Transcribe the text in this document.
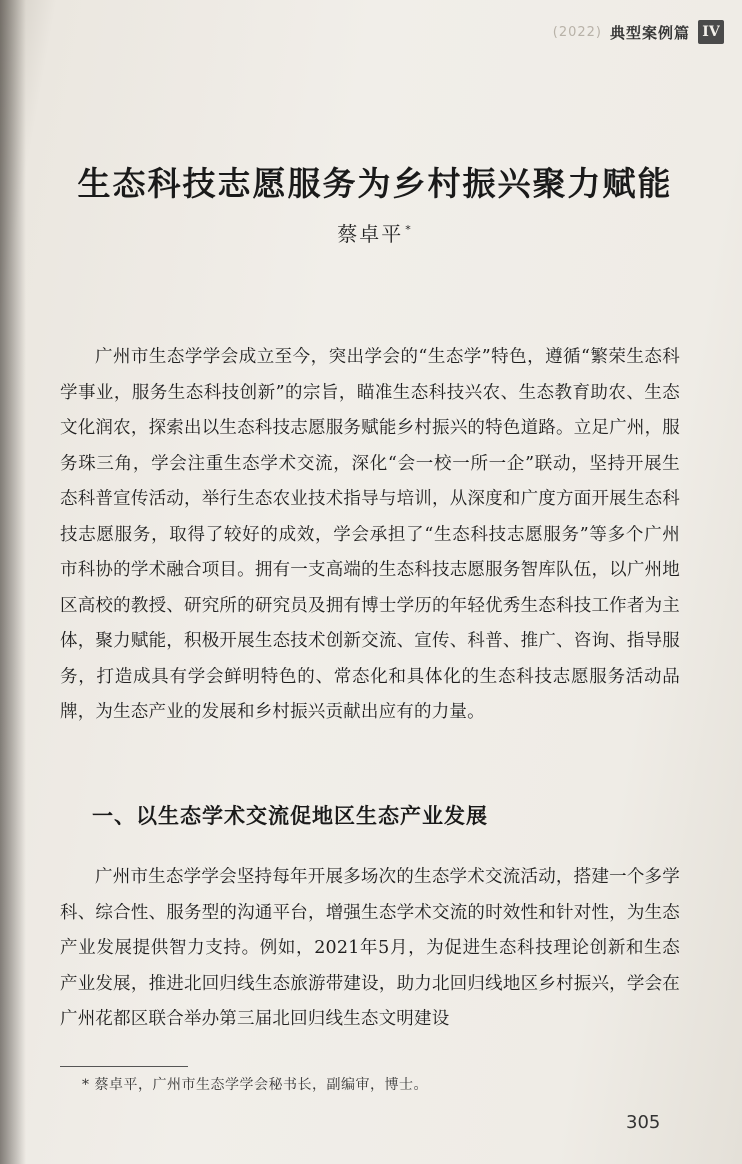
(2022) 典型案例篇 IV
生态科技志愿服务为乡村振兴聚力赋能
蔡卓平 *

广州市生态学学会成立至今，突出学会的“生态学”特色，遵循“繁荣生态科学事业，服务生态科技创新”的宗旨，瞄准生态科技兴农、生态教育助农、生态文化润农，探索出以生态科技志愿服务赋能乡村振兴的特色道路。立足广州，服务珠三角，学会注重生态学术交流，深化“会一校一所一企”联动，坚持开展生态科普宣传活动，举行生态农业技术指导与培训，从深度和广度方面开展生态科技志愿服务，取得了较好的成效，学会承担了“生态科技志愿服务”等多个广州市科协的学术融合项目。拥有一支高端的生态科技志愿服务智库队伍，以广州地区高校的教授、研究所的研究员及拥有博士学历的年轻优秀生态科技工作者为主体，聚力赋能，积极开展生态技术创新交流、宣传、科普、推广、咨询、指导服务，打造成具有学会鲜明特色的、常态化和具体化的生态科技志愿服务活动品牌，为生态产业的发展和乡村振兴贡献出应有的力量。

一、以生态学术交流促地区生态产业发展

广州市生态学学会坚持每年开展多场次的生态学术交流活动，搭建一个多学科、综合性、服务型的沟通平台，增强生态学术交流的时效性和针对性，为生态产业发展提供智力支持。例如，2021年5月，为促进生态科技理论创新和生态产业发展，推进北回归线生态旅游带建设，助力北回归线地区乡村振兴，学会在广州花都区联合举办第三届北回归线生态文明建设

* 蔡卓平，广州市生态学学会秘书长，副编审，博士。

305
